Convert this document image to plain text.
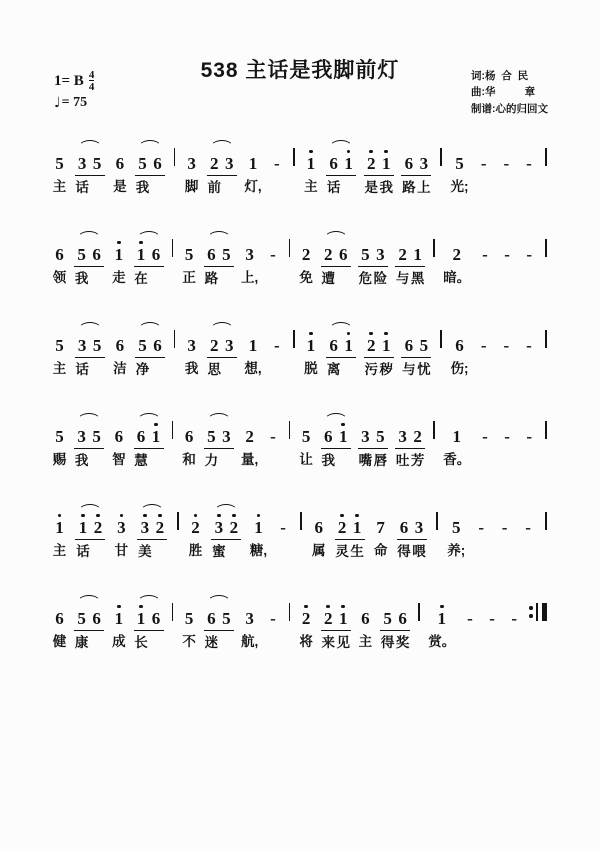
538 主话是我脚前灯
1= B $\frac{4}{4}$
♩ = 75
词:杨  合  民
曲:华          章
制谱:心的归回文
5
主
3 5
话
6
是
5 6
我
3
脚
2 3
前
1
灯,
- 1
主
6 1
话
2 1
是 我
6 3
路 上
5
光;
- - -
6
领
5 6
我
1
走
1 6
在
5
正
6 5
路
3
上,
- 2
免
2 6
遭
5 3
危 险
2 1
与 黑
2
暗。
- - -
5
主
3 5
话
6
洁
5 6
净
3
我
2 3
思
1
想,
- 1
脱
6 1
离
2 1
污 秽
6 5
与 忧
6
伤;
- - -
5
赐
3 5
我
6
智
6 1
慧
6
和
5 3
力
2
量,
- 5
让
6 1
我
3 5
嘴 唇
3 2
吐 芳
1
香。
- - -
1
主
1 2
话
3
甘
3 2
美
2
胜
3 2
蜜
1
糖,
- 6
属
2 1
灵 生
7
命
6 3
得 喂
5
养;
- - -
6
健
5 6
康
1
成
1 6
长
5
不
6 5
迷
3
航,
- 2
将
2 1
来 见
6
主
5 6
得 奖
1
赏。
- - -
